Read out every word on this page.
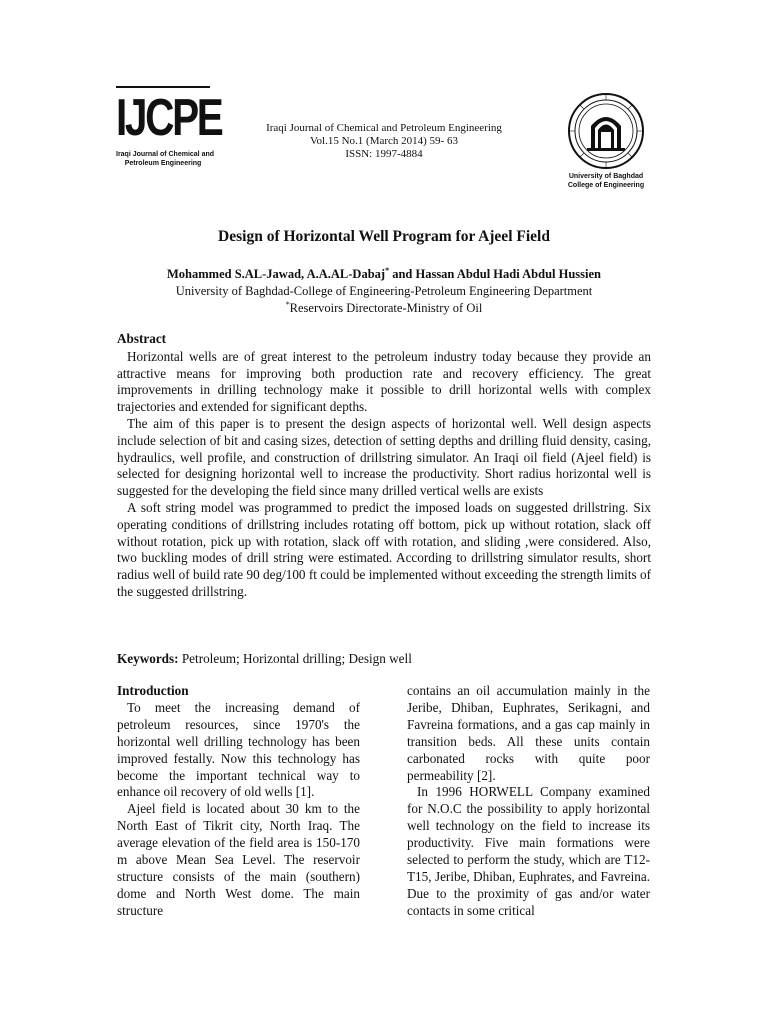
IJCPE
Iraqi Journal of Chemical and
Petroleum Engineering
Iraqi Journal of Chemical and Petroleum Engineering
Vol.15 No.1 (March 2014) 59- 63
ISSN: 1997-4884
University of Baghdad
College of Engineering
Design of Horizontal Well Program for Ajeel Field
Mohammed S.AL-Jawad, A.A.AL-Dabaj* and Hassan Abdul Hadi Abdul Hussien
University of Baghdad-College of Engineering-Petroleum Engineering Department
*Reservoirs Directorate-Ministry of Oil
Abstract

Horizontal wells are of great interest to the petroleum industry today because they provide an attractive means for improving both production rate and recovery efficiency. The great improvements in drilling technology make it possible to drill horizontal wells with complex trajectories and extended for significant depths.

The aim of this paper is to present the design aspects of horizontal well. Well design aspects include selection of bit and casing sizes, detection of setting depths and drilling fluid density, casing, hydraulics, well profile, and construction of drillstring simulator. An Iraqi oil field (Ajeel field) is selected for designing horizontal well to increase the productivity. Short radius horizontal well is suggested for the developing the field since many drilled vertical wells are exists

A soft string model was programmed to predict the imposed loads on suggested drillstring. Six operating conditions of drillstring includes rotating off bottom, pick up without rotation, slack off without rotation, pick up with rotation, slack off with rotation, and sliding ,were considered. Also, two buckling modes of drill string were estimated. According to drillstring simulator results, short radius well of build rate 90 deg/100 ft could be implemented without exceeding the strength limits of the suggested drillstring.

Keywords: Petroleum; Horizontal drilling; Design well
Introduction

To meet the increasing demand of petroleum resources, since 1970's the horizontal well drilling technology has been improved festally. Now this technology has become the important technical way to enhance oil recovery of old wells [1].

Ajeel field is located about 30 km to the North East of Tikrit city, North Iraq. The average elevation of the field area is 150-170 m above Mean Sea Level. The reservoir structure consists of the main (southern) dome and North West dome. The main structure

contains an oil accumulation mainly in the Jeribe, Dhiban, Euphrates, Serikagni, and Favreina formations, and a gas cap mainly in transition beds. All these units contain carbonated rocks with quite poor permeability [2].

In 1996 HORWELL Company examined for N.O.C the possibility to apply horizontal well technology on the field to increase its productivity. Five main formations were selected to perform the study, which are T12-T15, Jeribe, Dhiban, Euphrates, and Favreina. Due to the proximity of gas and/or water contacts in some critical
